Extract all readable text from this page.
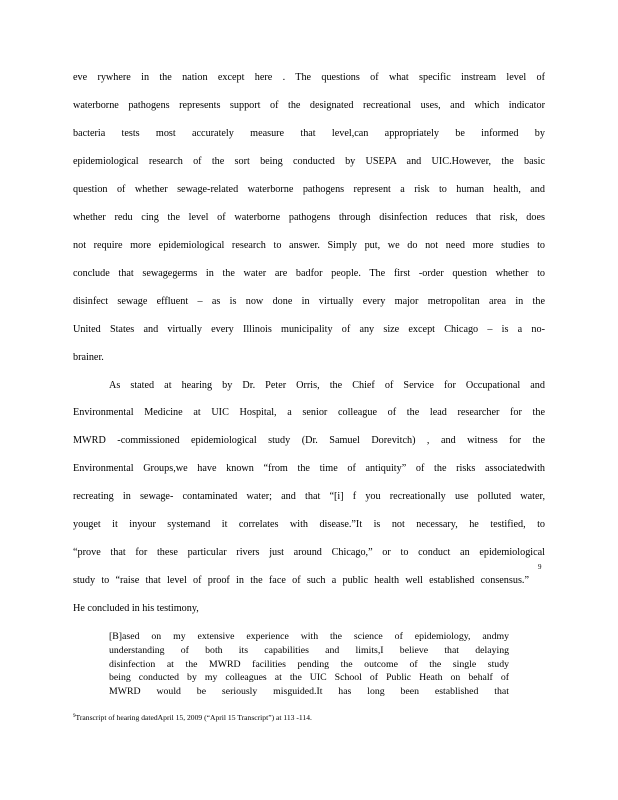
eve rywhere in the nation except here . The questions of what specific instream level of
waterborne pathogens represents support of the designated recreational uses, and which indicator
bacteria tests most accurately measure that level,can appropriately be informed by
epidemiological research of the sort being conducted by USEPA and UIC.However, the basic
question of whether sewage-related waterborne pathogens represent a risk to human health, and
whether redu cing the level of waterborne pathogens through disinfection reduces that risk, does
not require more epidemiological research to answer. Simply put, we do not need more studies to
conclude that sewagegerms in the water are badfor people. The first -order question whether to
disinfect sewage effluent – as is now done in virtually every major metropolitan area in the
United States and virtually every Illinois municipality of any size except Chicago – is a no-
brainer.
As stated at hearing by Dr. Peter Orris, the Chief of Service for Occupational and
Environmental Medicine at UIC Hospital, a senior colleague of the lead researcher for the
MWRD -commissioned epidemiological study (Dr. Samuel Dorevitch) , and witness for the
Environmental Groups,we have known “from the time of antiquity” of the risks associatedwith
recreating in sewage- contaminated water; and that “[i] f you recreationally use polluted water,
youget it inyour systemand it correlates with disease.”It is not necessary, he testified, to
“prove that for these particular rivers just around Chicago,” or to conduct an epidemiological
study to “raise that level of proof in the face of such a public health well established consensus.”
He concluded in his testimony,
9
[B]ased on my extensive experience with the science of epidemiology, andmy
understanding of both its capabilities and limits,I believe that delaying
disinfection at the MWRD facilities pending the outcome of the single study
being conducted by my colleagues at the UIC School of Public Heath on behalf of
MWRD would be seriously misguided.It has long been established that
$^9$Transcript of hearing datedApril 15, 2009 (“April 15 Transcript”) at 113 -114.
